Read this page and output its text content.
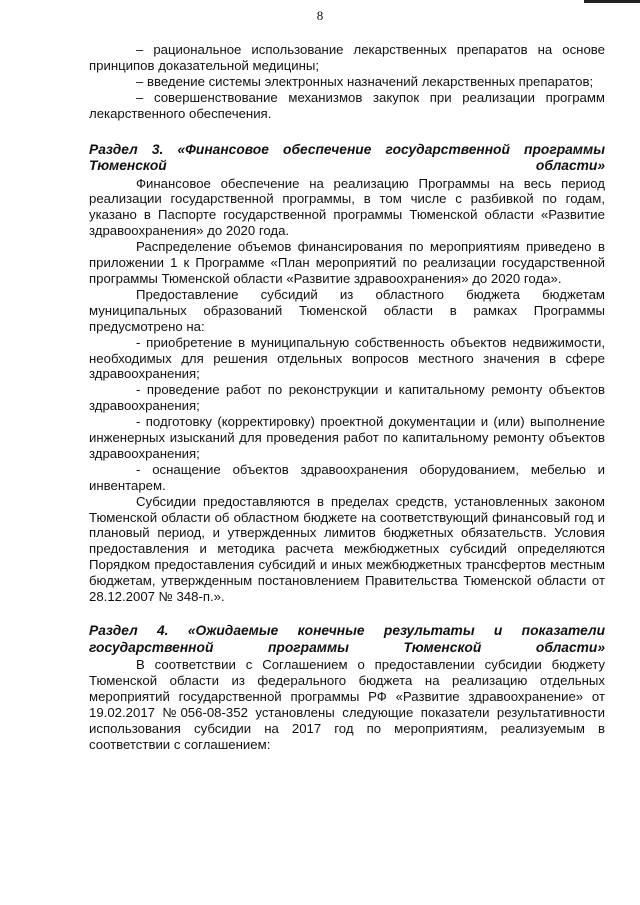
8

– рациональное использование лекарственных препаратов на основе принципов доказательной медицины;

– введение системы электронных назначений лекарственных препаратов;

– совершенствование механизмов закупок при реализации программ лекарственного обеспечения.

Раздел 3. «Финансовое обеспечение государственной программы Тюменской области»

Финансовое обеспечение на реализацию Программы на весь период реализации государственной программы, в том числе с разбивкой по годам, указано в Паспорте государственной программы Тюменской области «Развитие здравоохранения» до 2020 года.

Распределение объемов финансирования по мероприятиям приведено в приложении 1 к Программе «План мероприятий по реализации государственной программы Тюменской области «Развитие здравоохранения» до 2020 года».

Предоставление субсидий из областного бюджета бюджетам муниципальных образований Тюменской области в рамках Программы предусмотрено на:

- приобретение в муниципальную собственность объектов недвижимости, необходимых для решения отдельных вопросов местного значения в сфере здравоохранения;

- проведение работ по реконструкции и капитальному ремонту объектов здравоохранения;

- подготовку (корректировку) проектной документации и (или) выполнение инженерных изысканий для проведения работ по капитальному ремонту объектов здравоохранения;

- оснащение объектов здравоохранения оборудованием, мебелью и инвентарем.

Субсидии предоставляются в пределах средств, установленных законом Тюменской области об областном бюджете на соответствующий финансовый год и плановый период, и утвержденных лимитов бюджетных обязательств. Условия предоставления и методика расчета межбюджетных субсидий определяются Порядком предоставления субсидий и иных межбюджетных трансфертов местным бюджетам, утвержденным постановлением Правительства Тюменской области от 28.12.2007 № 348-п.».

Раздел 4. «Ожидаемые конечные результаты и показатели государственной программы Тюменской области»

В соответствии с Соглашением о предоставлении субсидии бюджету Тюменской области из федерального бюджета на реализацию отдельных мероприятий государственной программы РФ «Развитие здравоохранение» от 19.02.2017 №056-08-352 установлены следующие показатели результативности использования субсидии на 2017 год по мероприятиям, реализуемым в соответствии с соглашением:
